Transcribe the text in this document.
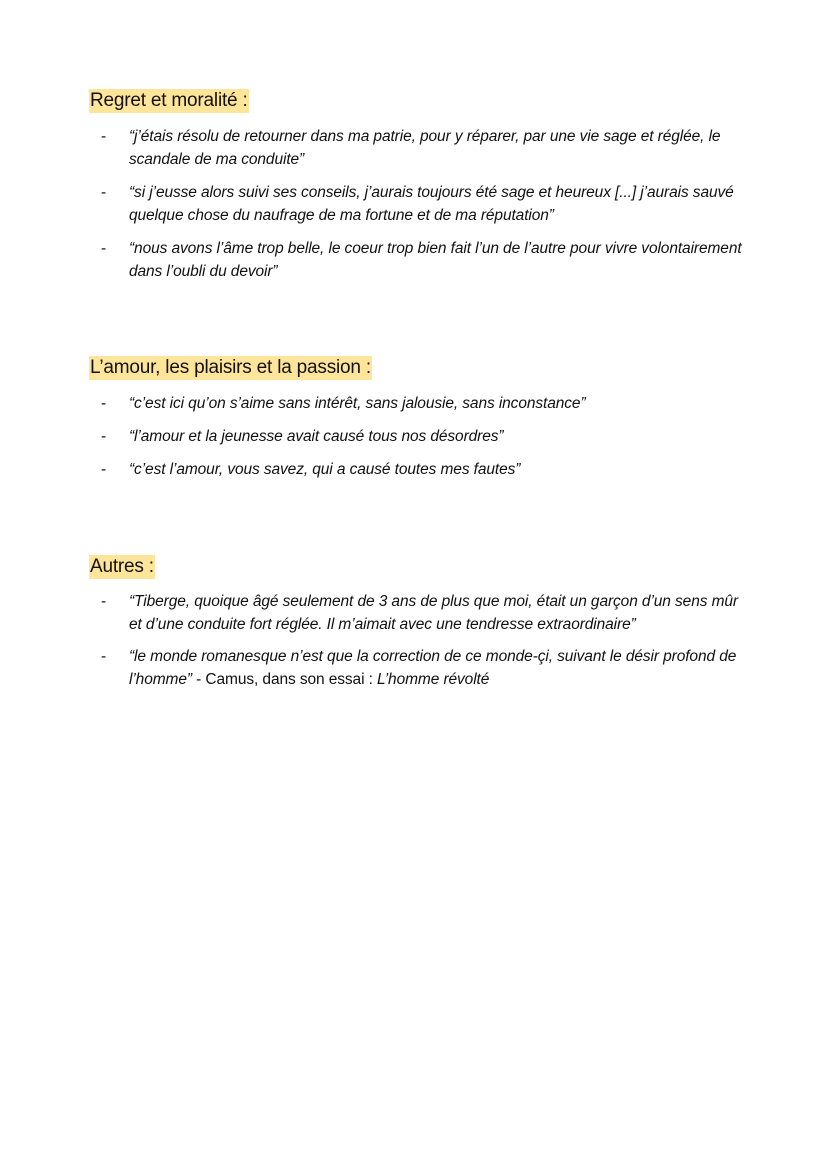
Regret et moralité :
- “j’étais résolu de retourner dans ma patrie, pour y réparer, par une vie sage et réglée, le scandale de ma conduite”
- “si j’eusse alors suivi ses conseils, j’aurais toujours été sage et heureux [...] j’aurais sauvé quelque chose du naufrage de ma fortune et de ma réputation”
- “nous avons l’âme trop belle, le coeur trop bien fait l’un de l’autre pour vivre volontairement dans l’oubli du devoir”
L’amour, les plaisirs et la passion :
- “c’est ici qu’on s’aime sans intérêt, sans jalousie, sans inconstance”
- “l’amour et la jeunesse avait causé tous nos désordres”
- “c’est l’amour, vous savez, qui a causé toutes mes fautes”
Autres :
- “Tiberge, quoique âgé seulement de 3 ans de plus que moi, était un garçon d’un sens mûr et d’une conduite fort réglée. Il m’aimait avec une tendresse extraordinaire”
- “le monde romanesque n’est que la correction de ce monde-çi, suivant le désir profond de l’homme” - Camus, dans son essai : L’homme révolté
